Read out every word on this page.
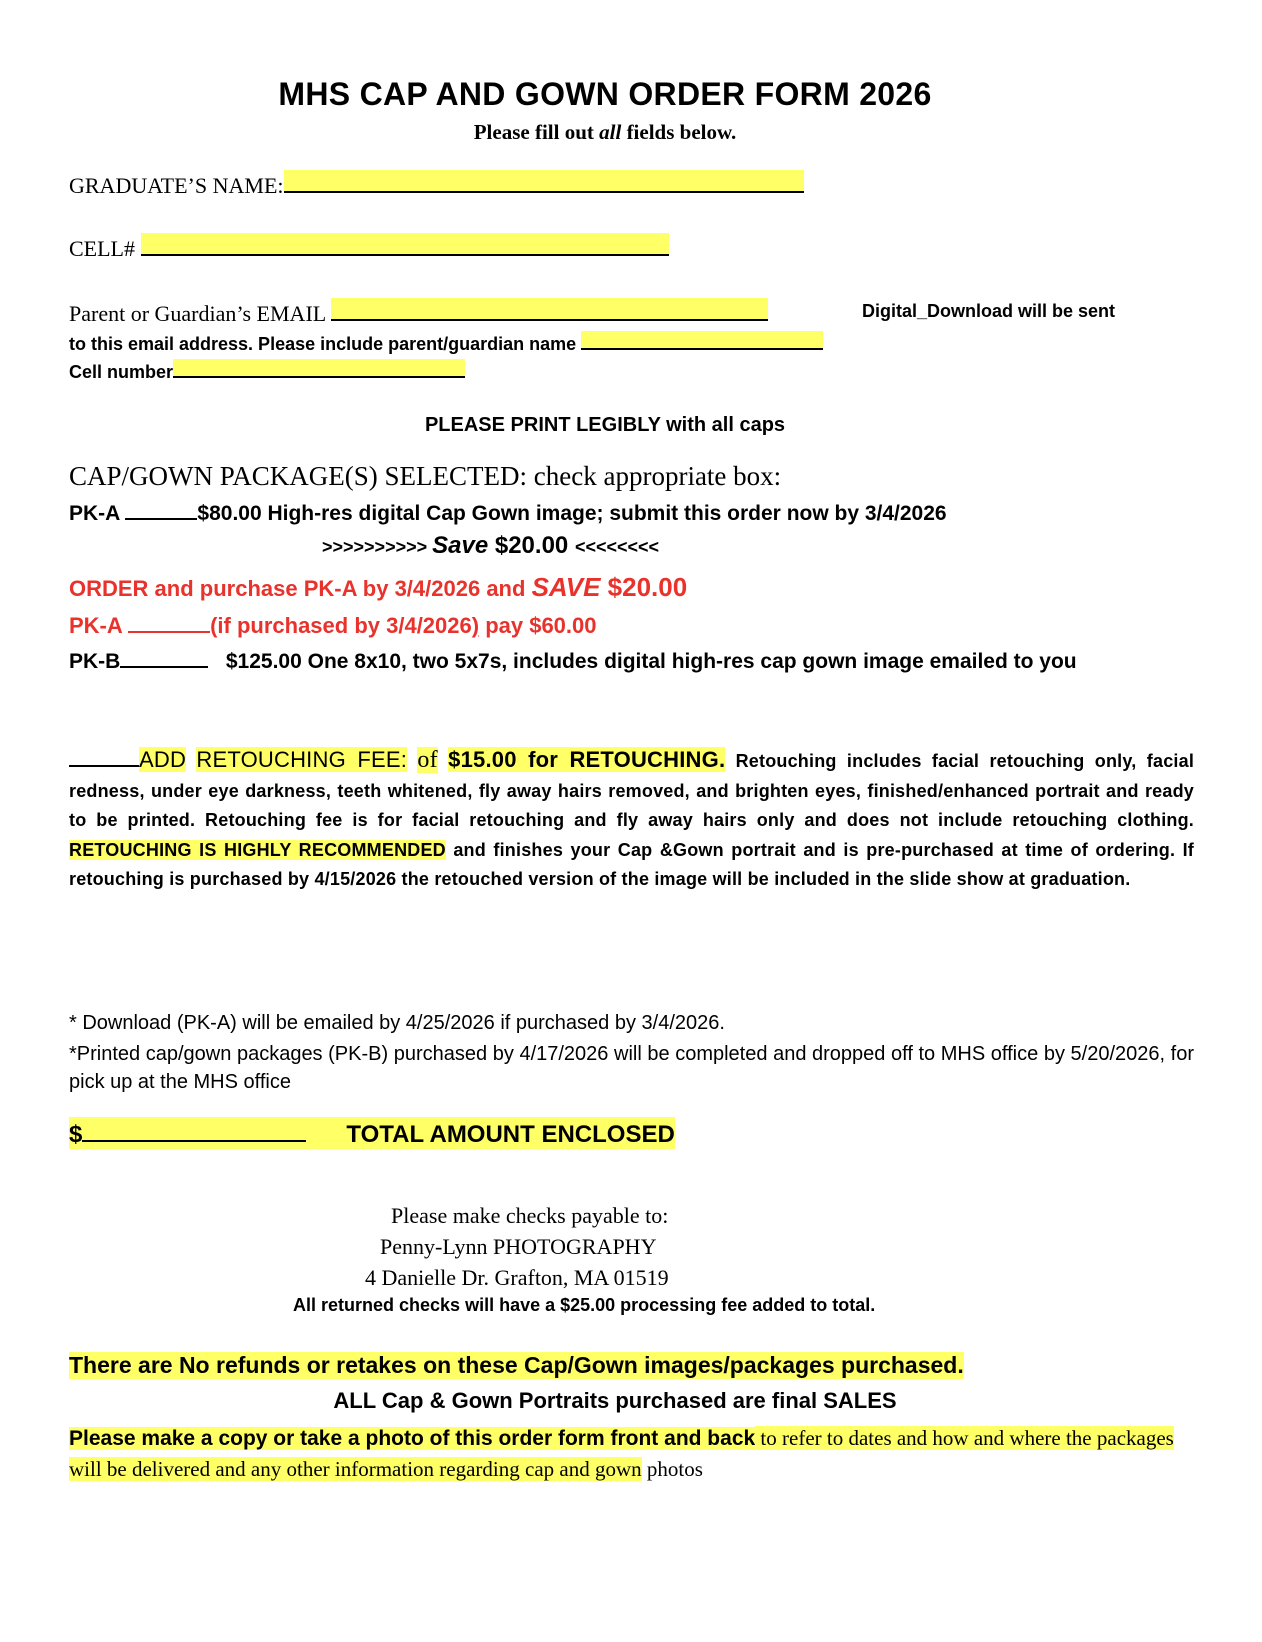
MHS CAP AND GOWN ORDER FORM 2026
Please fill out all fields below.
GRADUATE’S NAME:
CELL#
Parent or Guardian’s EMAIL	Digital_Download will be sent
to this email address. Please include parent/guardian name
Cell number
PLEASE PRINT LEGIBLY with all caps
CAP/GOWN PACKAGE(S) SELECTED: check appropriate box:
PK-A	$80.00 High-res digital Cap Gown image; submit this order now by 3/4/2026
>>>>>>>>>> Save $20.00 <<<<<<<<
ORDER and purchase PK-A by 3/4/2026 and SAVE $20.00
PK-A	(if purchased by 3/4/2026) pay $60.00
PK-B	$125.00 One 8x10, two 5x7s, includes digital high-res cap gown image emailed to you
ADD RETOUCHING FEE: of $15.00 for RETOUCHING. Retouching includes facial retouching only, facial redness, under eye darkness, teeth whitened, fly away hairs removed, and brighten eyes, finished/enhanced portrait and ready to be printed. Retouching fee is for facial retouching and fly away hairs only and does not include retouching clothing. RETOUCHING IS HIGHLY RECOMMENDED and finishes your Cap &Gown portrait and is pre-purchased at time of ordering. If retouching is purchased by 4/15/2026 the retouched version of the image will be included in the slide show at graduation.
* Download (PK-A) will be emailed by 4/25/2026 if purchased by 3/4/2026.
*Printed cap/gown packages (PK-B) purchased by 4/17/2026 will be completed and dropped off to MHS office by 5/20/2026, for pick up at the MHS office
$	TOTAL AMOUNT ENCLOSED
Please make checks payable to:
Penny-Lynn PHOTOGRAPHY
4 Danielle Dr. Grafton, MA 01519
All returned checks will have a $25.00 processing fee added to total.
There are No refunds or retakes on these Cap/Gown images/packages purchased.
ALL Cap & Gown Portraits purchased are final SALES
Please make a copy or take a photo of this order form front and back to refer to dates and how and where the packages will be delivered and any other information regarding cap and gown photos
